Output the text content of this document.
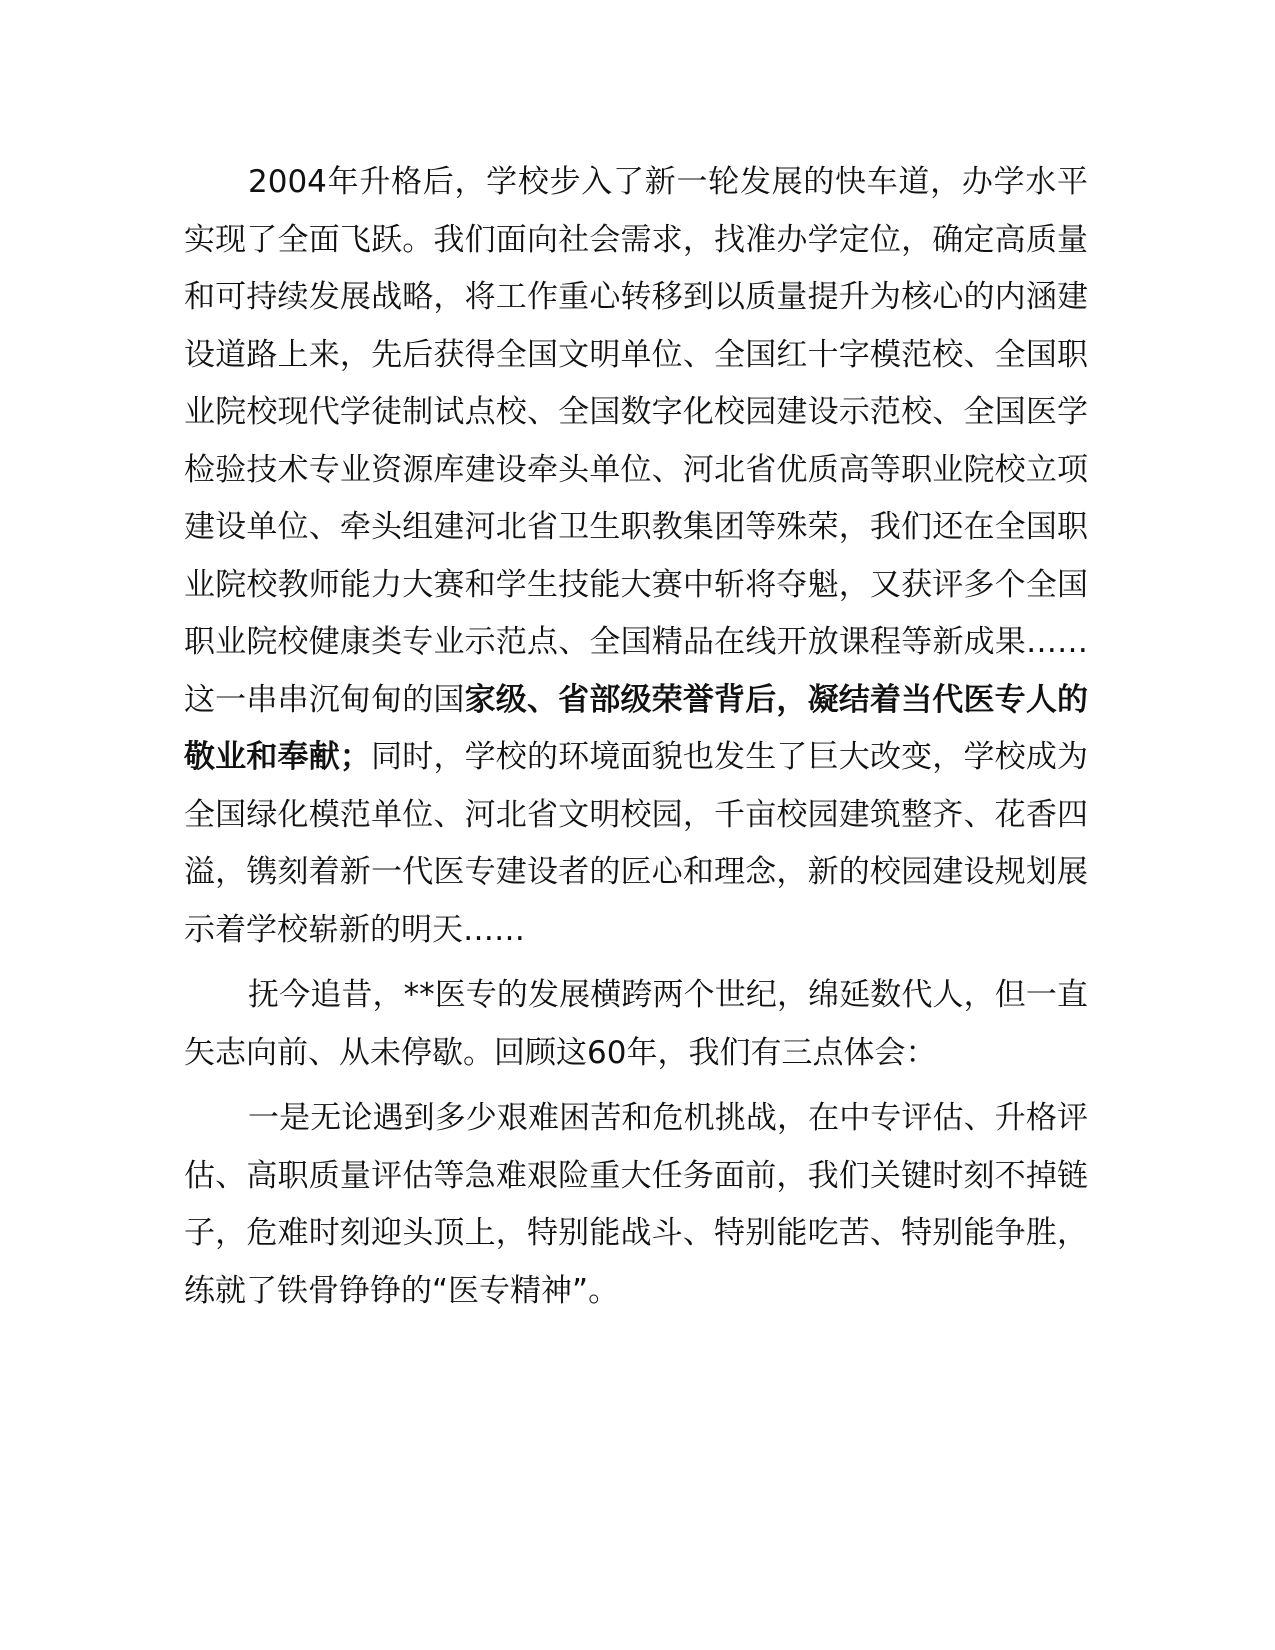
2004年升格后，学校步入了新一轮发展的快车道，办学水平实现了全面飞跃。我们面向社会需求，找准办学定位，确定高质量和可持续发展战略，将工作重心转移到以质量提升为核心的内涵建设道路上来，先后获得全国文明单位、全国红十字模范校、全国职业院校现代学徒制试点校、全国数字化校园建设示范校、全国医学检验技术专业资源库建设牵头单位、河北省优质高等职业院校立项建设单位、牵头组建河北省卫生职教集团等殊荣，我们还在全国职业院校教师能力大赛和学生技能大赛中斩将夺魁，又获评多个全国职业院校健康类专业示范点、全国精品在线开放课程等新成果……这一串串沉甸甸的国家级、省部级荣誉背后，凝结着当代医专人的敬业和奉献；同时，学校的环境面貌也发生了巨大改变，学校成为全国绿化模范单位、河北省文明校园，千亩校园建筑整齐、花香四溢，镌刻着新一代医专建设者的匠心和理念，新的校园建设规划展示着学校崭新的明天……

抚今追昔，**医专的发展横跨两个世纪，绵延数代人，但一直矢志向前、从未停歇。回顾这60年，我们有三点体会：

一是无论遇到多少艰难困苦和危机挑战，在中专评估、升格评估、高职质量评估等急难艰险重大任务面前，我们关键时刻不掉链子，危难时刻迎头顶上，特别能战斗、特别能吃苦、特别能争胜，练就了铁骨铮铮的“医专精神”。
